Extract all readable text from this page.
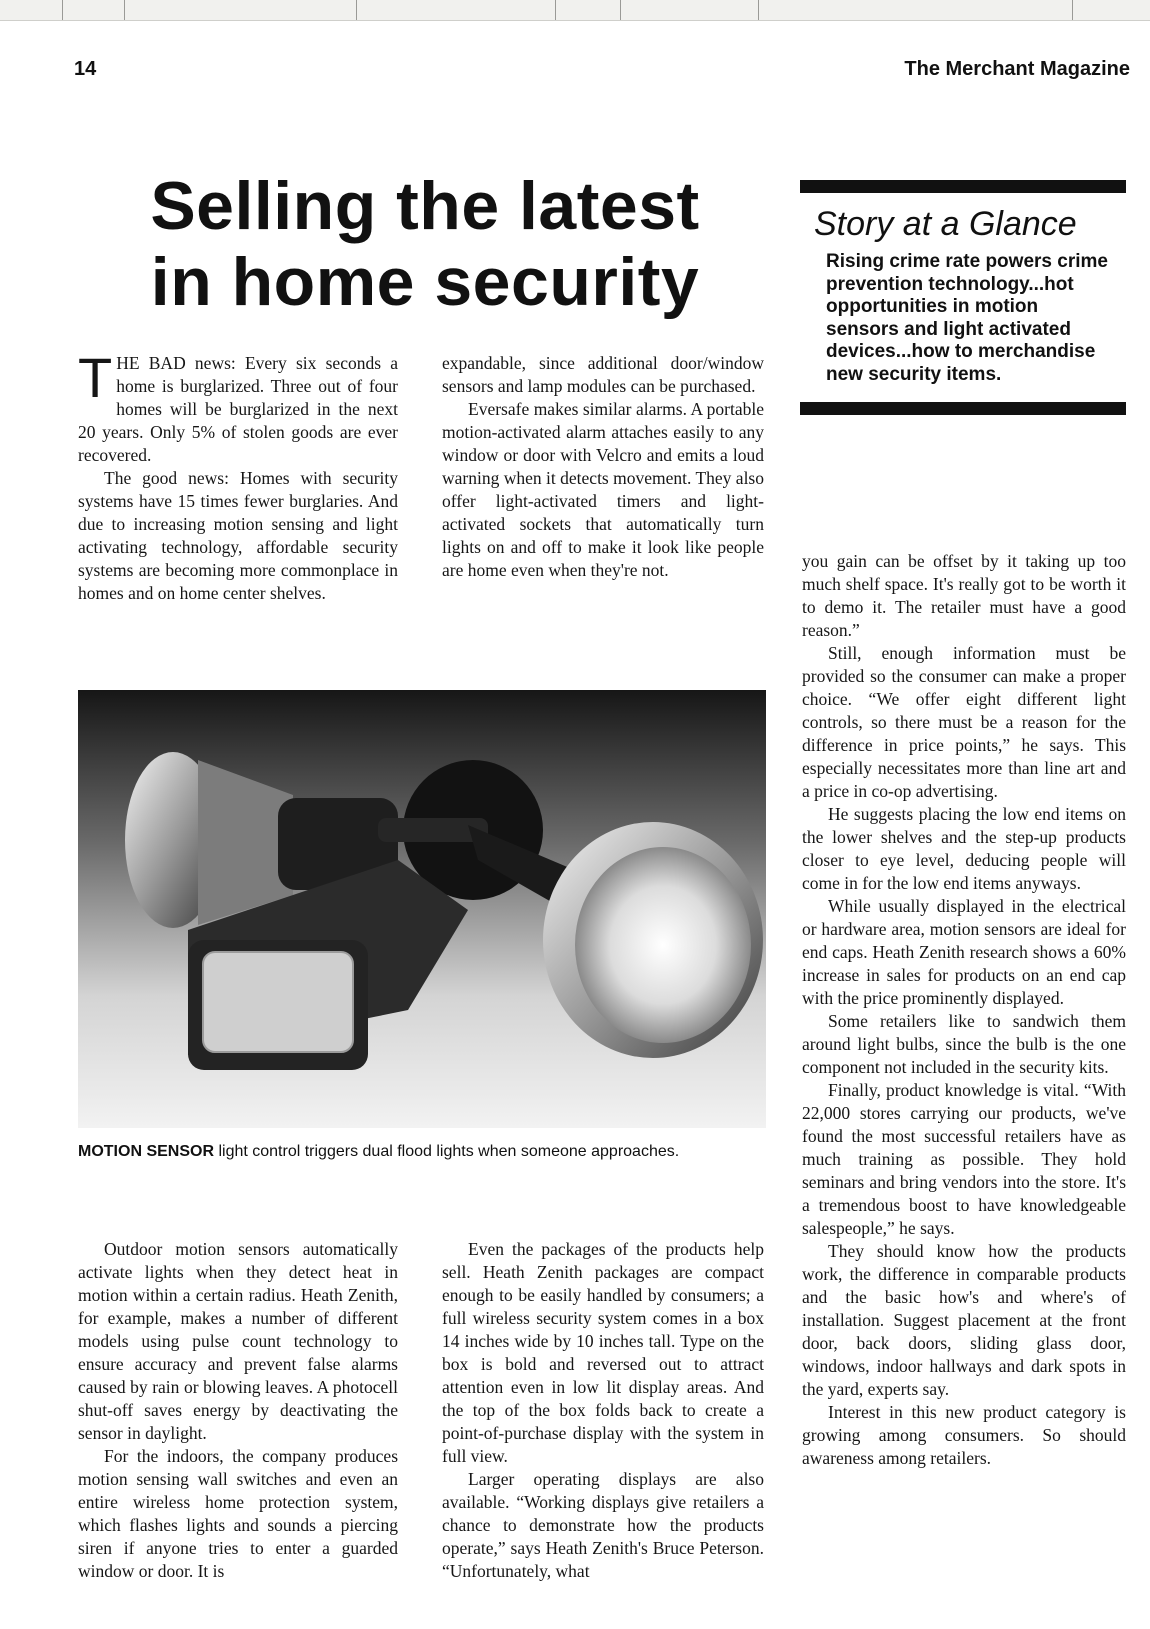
14	The Merchant Magazine
Selling the latest
in home security
Story at a Glance
Rising crime rate powers crime prevention technology...hot opportunities in motion sensors and light activated devices...how to merchandise new security items.

THE BAD news: Every six seconds a home is burglarized. Three out of four homes will be burglarized in the next 20 years. Only 5% of stolen goods are ever recovered.

The good news: Homes with security systems have 15 times fewer burglaries. And due to increasing motion sensing and light activating technology, affordable security systems are becoming more commonplace in homes and on home center shelves.

expandable, since additional door/window sensors and lamp modules can be purchased.

Eversafe makes similar alarms. A portable motion-activated alarm attaches easily to any window or door with Velcro and emits a loud warning when it detects movement. They also offer light-activated timers and light-activated sockets that automatically turn lights on and off to make it look like people are home even when they're not.

MOTION SENSOR light control triggers dual flood lights when someone approaches.

Outdoor motion sensors automatically activate lights when they detect heat in motion within a certain radius. Heath Zenith, for example, makes a number of different models using pulse count technology to ensure accuracy and prevent false alarms caused by rain or blowing leaves. A photocell shut-off saves energy by deactivating the sensor in daylight.

For the indoors, the company produces motion sensing wall switches and even an entire wireless home protection system, which flashes lights and sounds a piercing siren if anyone tries to enter a guarded window or door. It is

Even the packages of the products help sell. Heath Zenith packages are compact enough to be easily handled by consumers; a full wireless security system comes in a box 14 inches wide by 10 inches tall. Type on the box is bold and reversed out to attract attention even in low lit display areas. And the top of the box folds back to create a point-of-purchase display with the system in full view.

Larger operating displays are also available. “Working displays give retailers a chance to demonstrate how the products operate,” says Heath Zenith's Bruce Peterson. “Unfortunately, what

you gain can be offset by it taking up too much shelf space. It's really got to be worth it to demo it. The retailer must have a good reason.”

Still, enough information must be provided so the consumer can make a proper choice. “We offer eight different light controls, so there must be a reason for the difference in price points,” he says. This especially necessitates more than line art and a price in co-op advertising.

He suggests placing the low end items on the lower shelves and the step-up products closer to eye level, deducing people will come in for the low end items anyways.

While usually displayed in the electrical or hardware area, motion sensors are ideal for end caps. Heath Zenith research shows a 60% increase in sales for products on an end cap with the price prominently displayed.

Some retailers like to sandwich them around light bulbs, since the bulb is the one component not included in the security kits.

Finally, product knowledge is vital. “With 22,000 stores carrying our products, we've found the most successful retailers have as much training as possible. They hold seminars and bring vendors into the store. It's a tremendous boost to have knowledgeable salespeople,” he says.

They should know how the products work, the difference in comparable products and the basic how's and where's of installation. Suggest placement at the front door, back doors, sliding glass door, windows, indoor hallways and dark spots in the yard, experts say.

Interest in this new product category is growing among consumers. So should awareness among retailers.
